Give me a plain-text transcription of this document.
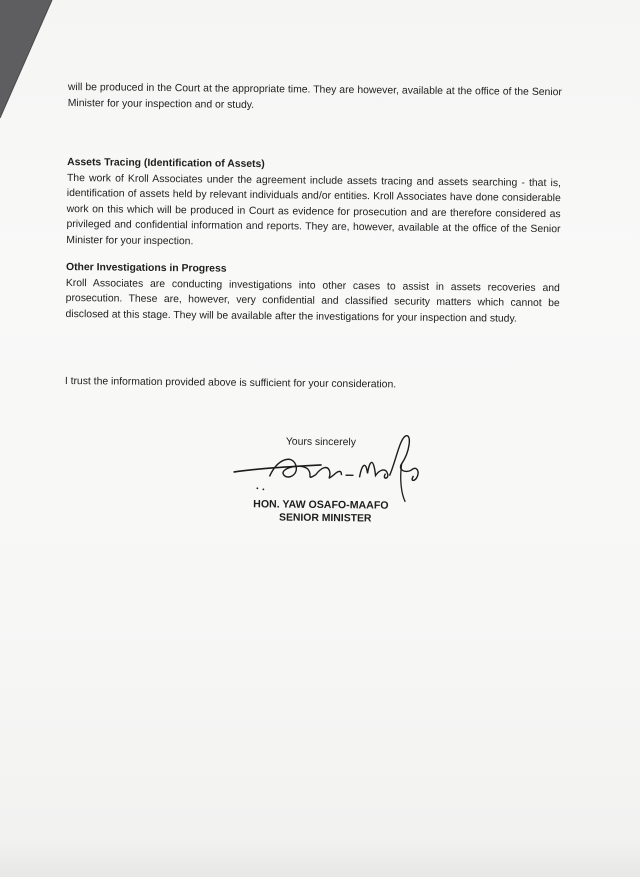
will be produced in the Court at the appropriate time. They are however, available at the office of the Senior Minister for your inspection and or study.

Assets Tracing (Identification of Assets)

The work of Kroll Associates under the agreement include assets tracing and assets searching - that is, identification of assets held by relevant individuals and/or entities. Kroll Associates have done considerable work on this which will be produced in Court as evidence for prosecution and are therefore considered as privileged and confidential information and reports. They are, however, available at the office of the Senior Minister for your inspection.

Other Investigations in Progress

Kroll Associates are conducting investigations into other cases to assist in assets recoveries and prosecution. These are, however, very confidential and classified security matters which cannot be disclosed at this stage. They will be available after the investigations for your inspection and study.

I trust the information provided above is sufficient for your consideration.

Yours sincerely
HON. YAW OSAFO-MAAFO
SENIOR MINISTER
